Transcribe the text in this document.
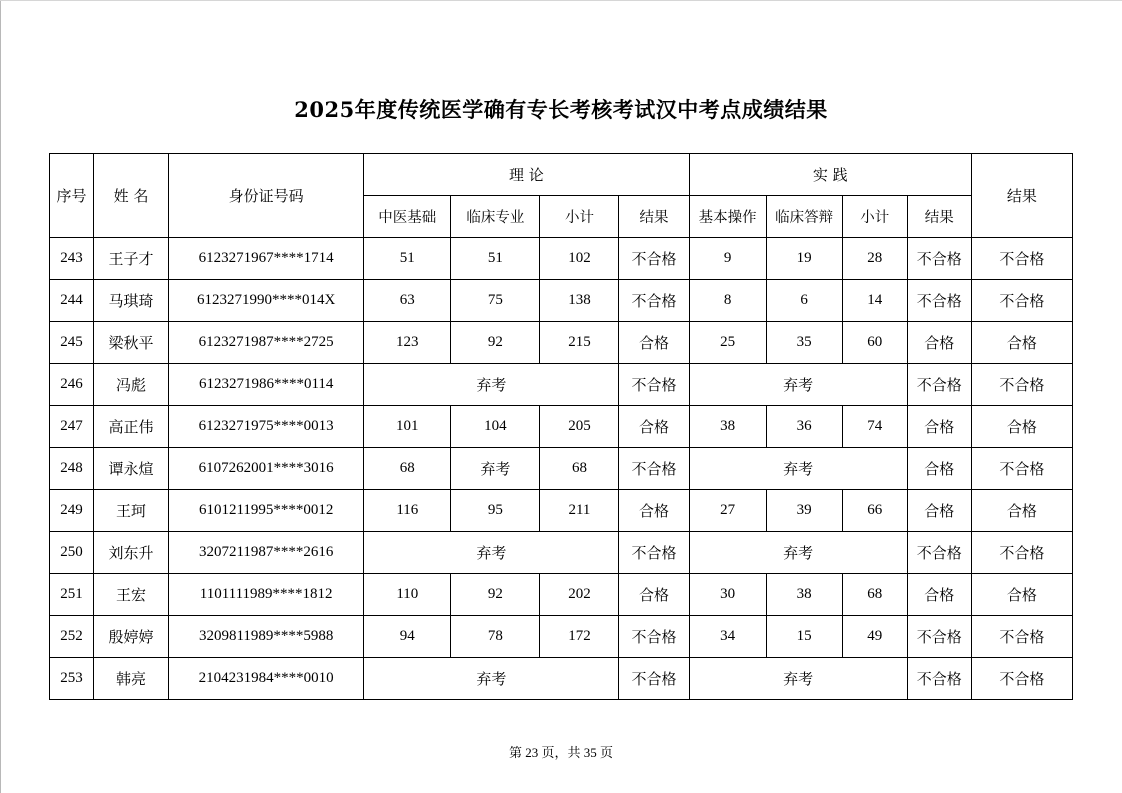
2025年度传统医学确有专长考核考试汉中考点成绩结果
序号	姓 名	身份证号码	理 论				实 践				结果
			中医基础	临床专业	小计	结果	基本操作	临床答辩	小计	结果	
243	王子才	6123271967****1714	51	51	102	不合格	9	19	28	不合格	不合格
244	马琪琦	6123271990****014X	63	75	138	不合格	8	6	14	不合格	不合格
245	梁秋平	6123271987****2725	123	92	215	合格	25	35	60	合格	合格
246	冯彪	6123271986****0114	弃考			不合格	弃考			不合格	不合格
247	高正伟	6123271975****0013	101	104	205	合格	38	36	74	合格	合格
248	谭永煊	6107262001****3016	68	弃考	68	不合格	弃考			合格	不合格
249	王珂	6101211995****0012	116	95	211	合格	27	39	66	合格	合格
250	刘东升	3207211987****2616	弃考			不合格	弃考			不合格	不合格
251	王宏	1101111989****1812	110	92	202	合格	30	38	68	合格	合格
252	殷婷婷	3209811989****5988	94	78	172	不合格	34	15	49	不合格	不合格
253	韩亮	2104231984****0010	弃考			不合格	弃考			不合格	不合格
第 23 页，共 35 页
